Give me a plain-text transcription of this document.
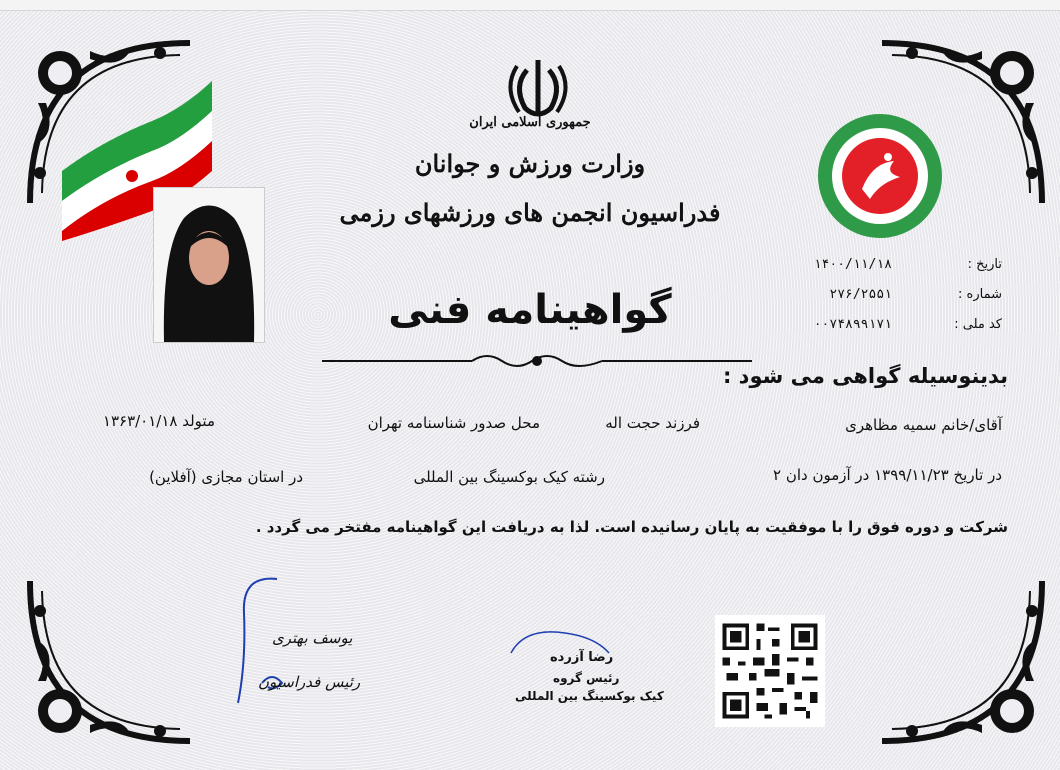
جمهوری اسلامی ایران
وزارت ورزش و جوانان
فدراسیون انجمن های ورزشهای رزمی
تاریخ :
۱۴۰۰/۱۱/۱۸
شماره :
۲۷۶/۲۵۵۱
کد ملی :
۰۰۷۴۸۹۹۱۷۱
گواهینامه فنی
بدینوسیله گواهی می شود :
آقای/خانم سمیه مظاهری
فرزند حجت اله
محل صدور شناسنامه تهران
متولد ۱۳۶۳/۰۱/۱۸
در تاریخ ۱۳۹۹/۱۱/۲۳ در آزمون دان ۲
رشته کیک بوکسینگ بین المللی
در استان مجازی (آفلاین)
شرکت و دوره فوق را با موفقیت به پایان رسانیده است. لذا به دریافت این گواهینامه مفتخر می گردد .
یوسف بهتری
رئیس فدراسیون
رضا آزرده
رئیس گروه
کیک بوکسینگ بین المللی
